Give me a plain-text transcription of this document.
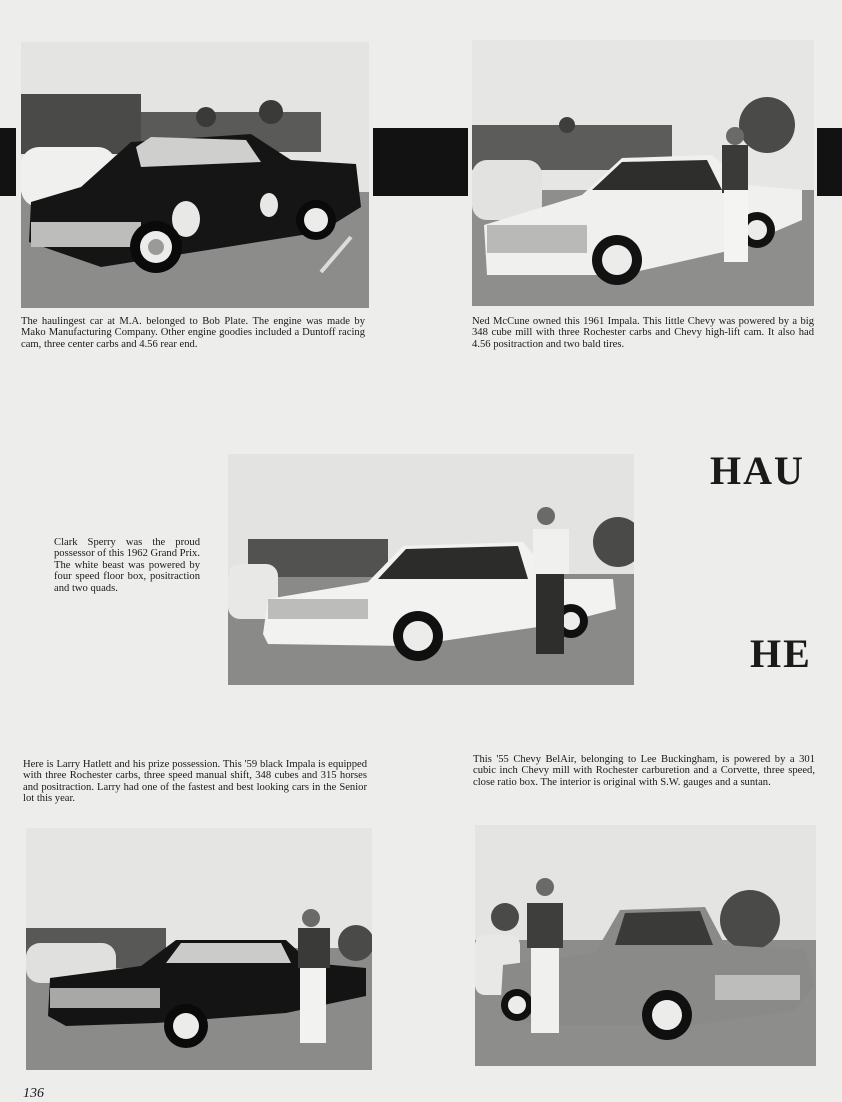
The haulingest car at M.A. belonged to Bob Plate. The engine was made by Mako Manufacturing Company. Other engine goodies included a Duntoff racing cam, three center carbs and 4.56 rear end.

Ned McCune owned this 1961 Impala. This little Chevy was powered by a big 348 cube mill with three Rochester carbs and Chevy high-lift cam. It also had 4.56 positraction and two bald tires.

HAU
HE

Clark Sperry was the proud possessor of this 1962 Grand Prix. The white beast was powered by four speed floor box, positraction and two quads.

Here is Larry Hatlett and his prize possession. This '59 black Impala is equipped with three Rochester carbs, three speed manual shift, 348 cubes and 315 horses and positraction. Larry had one of the fastest and best looking cars in the Senior lot this year.

This '55 Chevy BelAir, belonging to Lee Buckingham, is powered by a 301 cubic inch Chevy mill with Rochester carburetion and a Corvette, three speed, close ratio box. The interior is original with S.W. gauges and a suntan.

136
